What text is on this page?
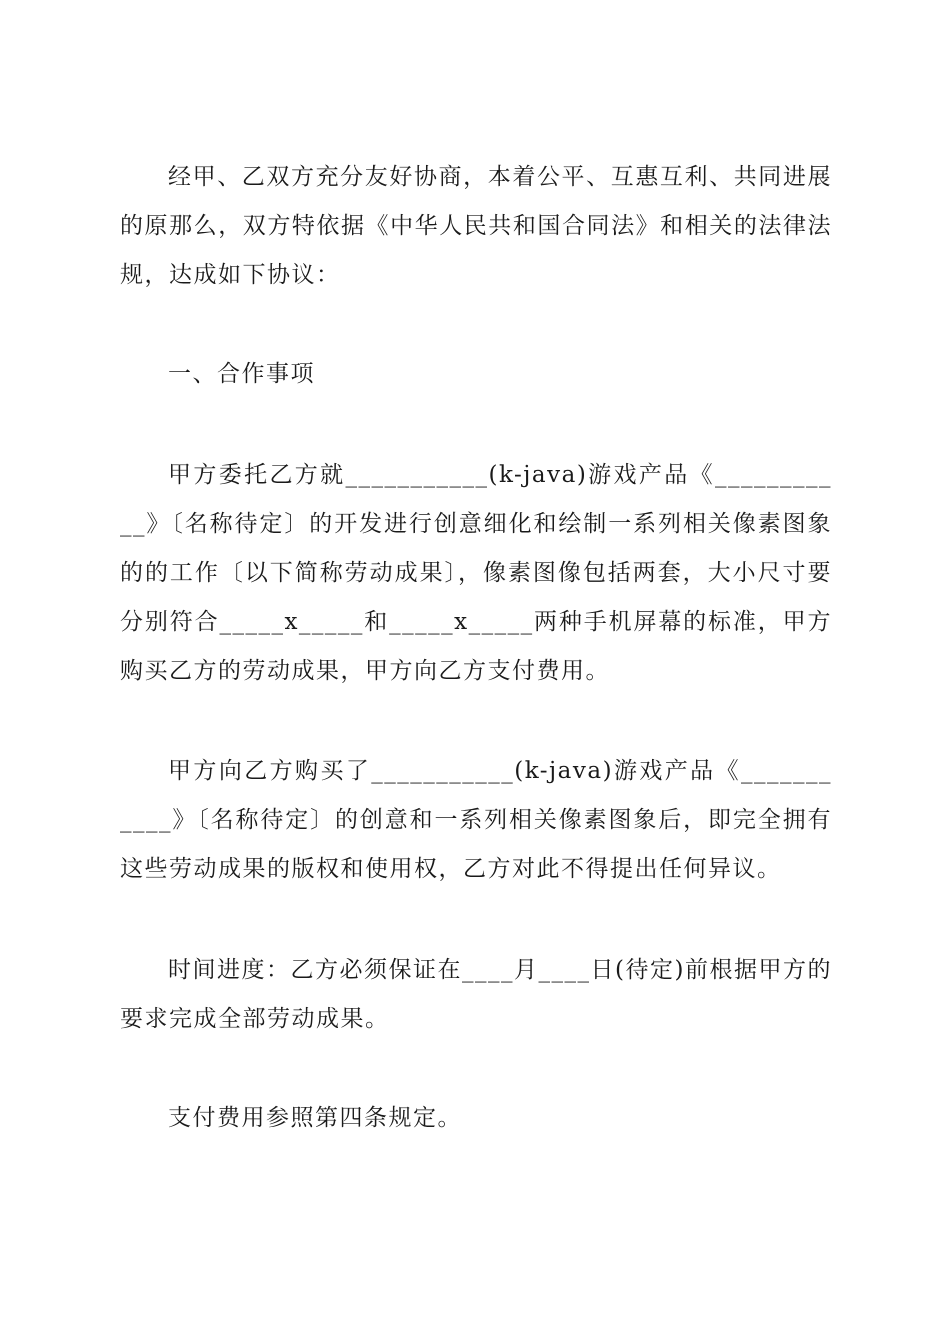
经甲、乙双方充分友好协商，本着公平、互惠互利、共同进展的原那么，双方特依据《中华人民共和国合同法》和相关的法律法规，达成如下协议：

一、合作事项

甲方委托乙方就___________(k-java)游戏产品《___________》〔名称待定〕的开发进行创意细化和绘制一系列相关像素图象的的工作〔以下简称劳动成果〕，像素图像包括两套，大小尺寸要分别符合_____x_____和_____x_____两种手机屏幕的标准，甲方购买乙方的劳动成果，甲方向乙方支付费用。

甲方向乙方购买了___________(k-java)游戏产品《___________》〔名称待定〕的创意和一系列相关像素图象后，即完全拥有这些劳动成果的版权和使用权，乙方对此不得提出任何异议。

时间进度：乙方必须保证在____月____日(待定)前根据甲方的要求完成全部劳动成果。

支付费用参照第四条规定。
